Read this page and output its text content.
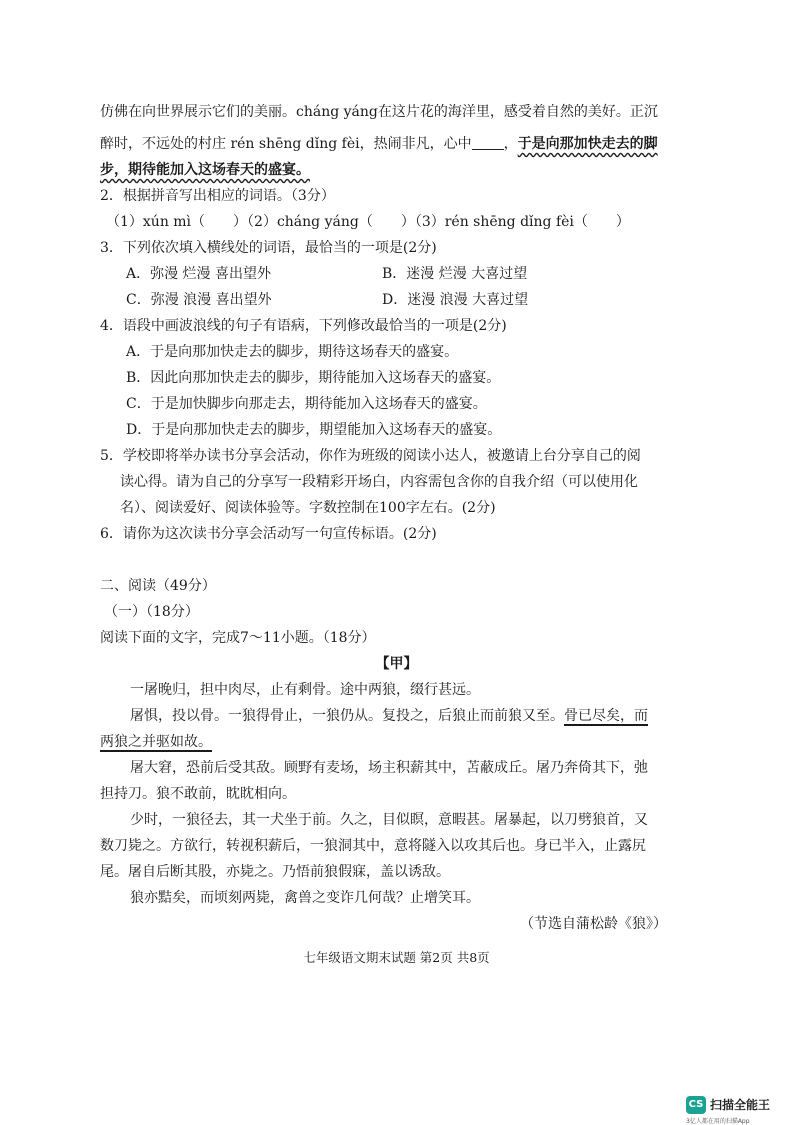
仿佛在向世界展示它们的美丽。cháng yáng在这片花的海洋里，感受着自然的美好。正沉
醉时，不远处的村庄 rén shēng dǐng fèi，热闹非凡，心中 ，于是向那加快走去的脚
步，期待能加入这场春天的盛宴。
2．根据拼音写出相应的词语。（3分）
（1）xún mì（　　）（2）cháng yáng（　　）（3）rén shēng dǐng fèi（　　）
3．下列依次填入横线处的词语，最恰当的一项是(2分)
A．弥漫 烂漫 喜出望外	B．迷漫 烂漫 大喜过望
C．弥漫 浪漫 喜出望外	D．迷漫 浪漫 大喜过望
4．语段中画波浪线的句子有语病，下列修改最恰当的一项是(2分)
A．于是向那加快走去的脚步，期待这场春天的盛宴。
B．因此向那加快走去的脚步，期待能加入这场春天的盛宴。
C．于是加快脚步向那走去，期待能加入这场春天的盛宴。
D．于是向那加快走去的脚步，期望能加入这场春天的盛宴。
5．学校即将举办读书分享会活动，你作为班级的阅读小达人，被邀请上台分享自己的阅
读心得。请为自己的分享写一段精彩开场白，内容需包含你的自我介绍（可以使用化
名）、阅读爱好、阅读体验等。字数控制在100字左右。(2分)
6．请你为这次读书分享会活动写一句宣传标语。(2分)
二、阅读（49分）
（一）（18分）
阅读下面的文字，完成7～11小题。（18分）
【甲】
一屠晚归，担中肉尽，止有剩骨。途中两狼，缀行甚远。
屠惧，投以骨。一狼得骨止，一狼仍从。复投之，后狼止而前狼又至。骨已尽矣，而
两狼之并驱如故。
屠大窘，恐前后受其敌。顾野有麦场，场主积薪其中，苫蔽成丘。屠乃奔倚其下，弛
担持刀。狼不敢前，眈眈相向。
少时，一狼径去，其一犬坐于前。久之，目似瞑，意暇甚。屠暴起，以刀劈狼首，又
数刀毙之。方欲行，转视积薪后，一狼洞其中，意将隧入以攻其后也。身已半入，止露尻
尾。屠自后断其股，亦毙之。乃悟前狼假寐，盖以诱敌。
狼亦黠矣，而顷刻两毙，禽兽之变诈几何哉？止增笑耳。
（节选自蒲松龄《狼》）
七年级语文期末试题 第2页 共8页
CS 扫描全能王
3亿人都在用的扫描App
